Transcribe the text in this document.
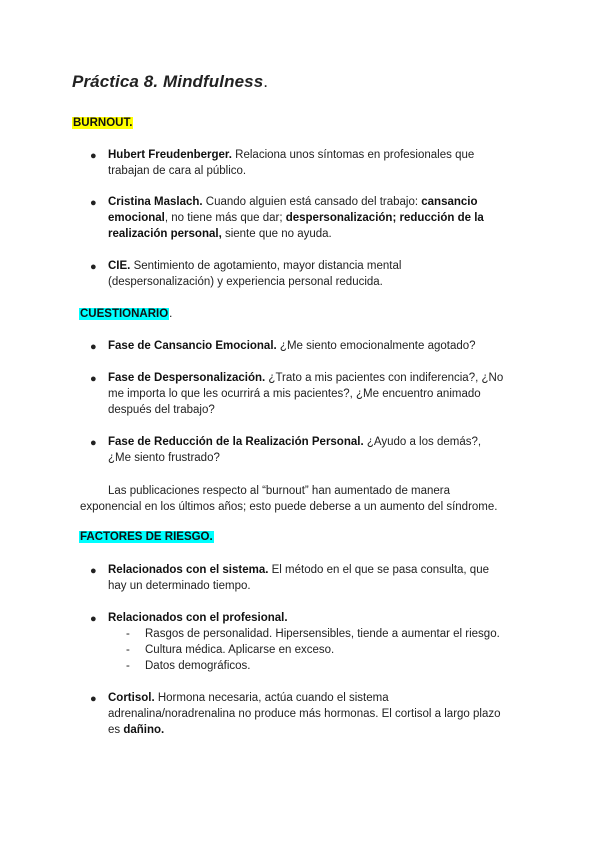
Práctica 8. Mindfulness.
BURNOUT.
● Hubert Freudenberger. Relaciona unos síntomas en profesionales que
trabajan de cara al público.
● Cristina Maslach. Cuando alguien está cansado del trabajo: cansancio
emocional, no tiene más que dar; despersonalización; reducción de la
realización personal, siente que no ayuda.
● CIE. Sentimiento de agotamiento, mayor distancia mental
(despersonalización) y experiencia personal reducida.
CUESTIONARIO.
● Fase de Cansancio Emocional. ¿Me siento emocionalmente agotado?
● Fase de Despersonalización. ¿Trato a mis pacientes con indiferencia?, ¿No
me importa lo que les ocurrirá a mis pacientes?, ¿Me encuentro animado
después del trabajo?
● Fase de Reducción de la Realización Personal. ¿Ayudo a los demás?,
¿Me siento frustrado?
Las publicaciones respecto al “burnout” han aumentado de manera
exponencial en los últimos años; esto puede deberse a un aumento del síndrome.
FACTORES DE RIESGO.
● Relacionados con el sistema. El método en el que se pasa consulta, que
hay un determinado tiempo.
● Relacionados con el profesional.
- Rasgos de personalidad. Hipersensibles, tiende a aumentar el riesgo.
- Cultura médica. Aplicarse en exceso.
- Datos demográficos.
● Cortisol. Hormona necesaria, actúa cuando el sistema
adrenalina/noradrenalina no produce más hormonas. El cortisol a largo plazo
es dañino.
